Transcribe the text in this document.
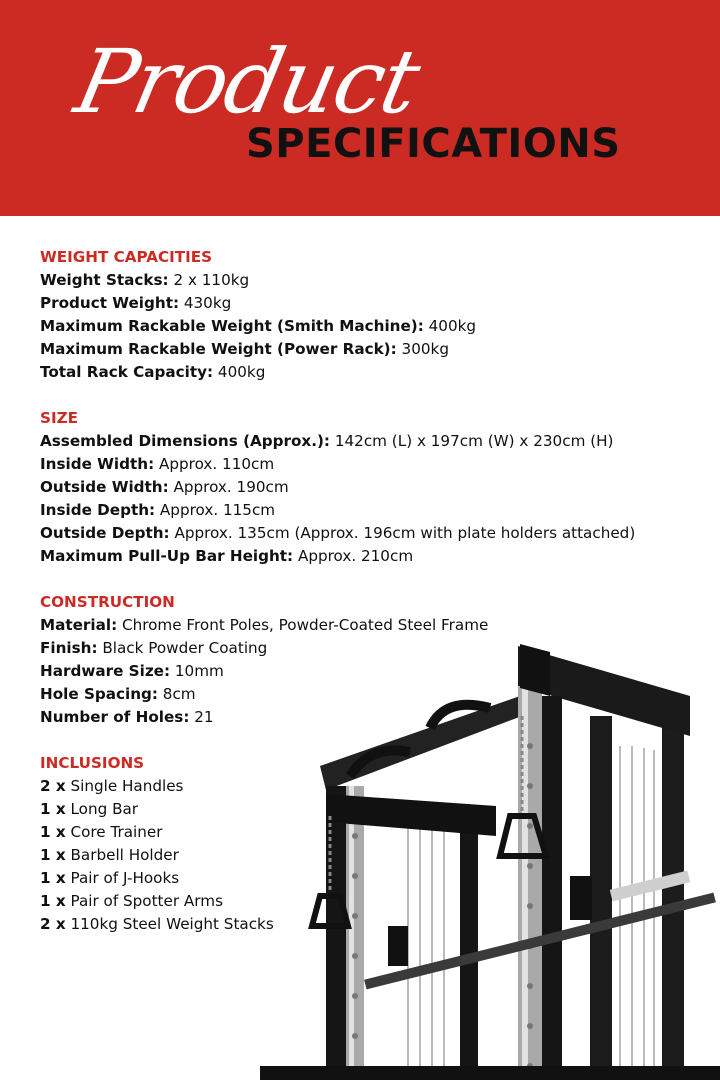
Product
SPECIFICATIONS
WEIGHT CAPACITIES
Weight Stacks: 2 x 110kg
Product Weight: 430kg
Maximum Rackable Weight (Smith Machine): 400kg
Maximum Rackable Weight (Power Rack): 300kg
Total Rack Capacity: 400kg
SIZE
Assembled Dimensions (Approx.): 142cm (L) x 197cm (W) x 230cm (H)
Inside Width: Approx. 110cm
Outside Width: Approx. 190cm
Inside Depth: Approx. 115cm
Outside Depth: Approx. 135cm (Approx. 196cm with plate holders attached)
Maximum Pull-Up Bar Height: Approx. 210cm
CONSTRUCTION
Material: Chrome Front Poles, Powder-Coated Steel Frame
Finish: Black Powder Coating
Hardware Size: 10mm
Hole Spacing: 8cm
Number of Holes: 21
INCLUSIONS
2 x Single Handles
1 x Long Bar
1 x Core Trainer
1 x Barbell Holder
1 x Pair of J-Hooks
1 x Pair of Spotter Arms
2 x 110kg Steel Weight Stacks
